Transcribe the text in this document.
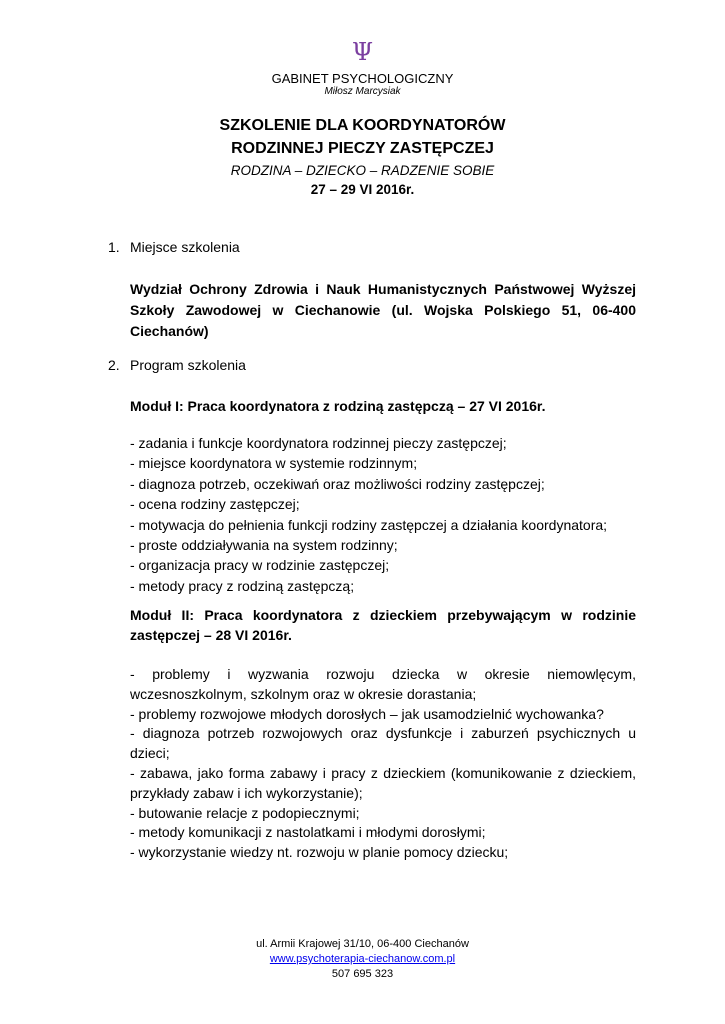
Ψ
GABINET PSYCHOLOGICZNY
Miłosz Marcysiak
SZKOLENIE DLA KOORDYNATORÓW
RODZINNEJ PIECZY ZASTĘPCZEJ
RODZINA – DZIECKO – RADZENIE SOBIE
27 – 29 VI 2016r.
1. Miejsce szkolenia
Wydział Ochrony Zdrowia i Nauk Humanistycznych Państwowej Wyższej Szkoły Zawodowej w Ciechanowie (ul. Wojska Polskiego 51, 06-400 Ciechanów)
2. Program szkolenia
Moduł I: Praca koordynatora z rodziną zastępczą – 27 VI 2016r.
- zadania i funkcje koordynatora rodzinnej pieczy zastępczej;
- miejsce koordynatora w systemie rodzinnym;
- diagnoza potrzeb, oczekiwań oraz możliwości rodziny zastępczej;
- ocena rodziny zastępczej;
- motywacja do pełnienia funkcji rodziny zastępczej a działania koordynatora;
- proste oddziaływania na system rodzinny;
- organizacja pracy w rodzinie zastępczej;
- metody pracy z rodziną zastępczą;
Moduł II: Praca koordynatora z dzieckiem przebywającym w rodzinie zastępczej – 28 VI 2016r.
- problemy i wyzwania rozwoju dziecka w okresie niemowlęcym, wczesnoszkolnym, szkolnym oraz w okresie dorastania;
- problemy rozwojowe młodych dorosłych – jak usamodzielnić wychowanka?
- diagnoza potrzeb rozwojowych oraz dysfunkcje i zaburzeń psychicznych u dzieci;
- zabawa, jako forma zabawy i pracy z dzieckiem (komunikowanie z dzieckiem, przykłady zabaw i ich wykorzystanie);
- butowanie relacje z podopiecznymi;
- metody komunikacji z nastolatkami i młodymi dorosłymi;
- wykorzystanie wiedzy nt. rozwoju w planie pomocy dziecku;
ul. Armii Krajowej 31/10, 06-400 Ciechanów
www.psychoterapia-ciechanow.com.pl
507 695 323
